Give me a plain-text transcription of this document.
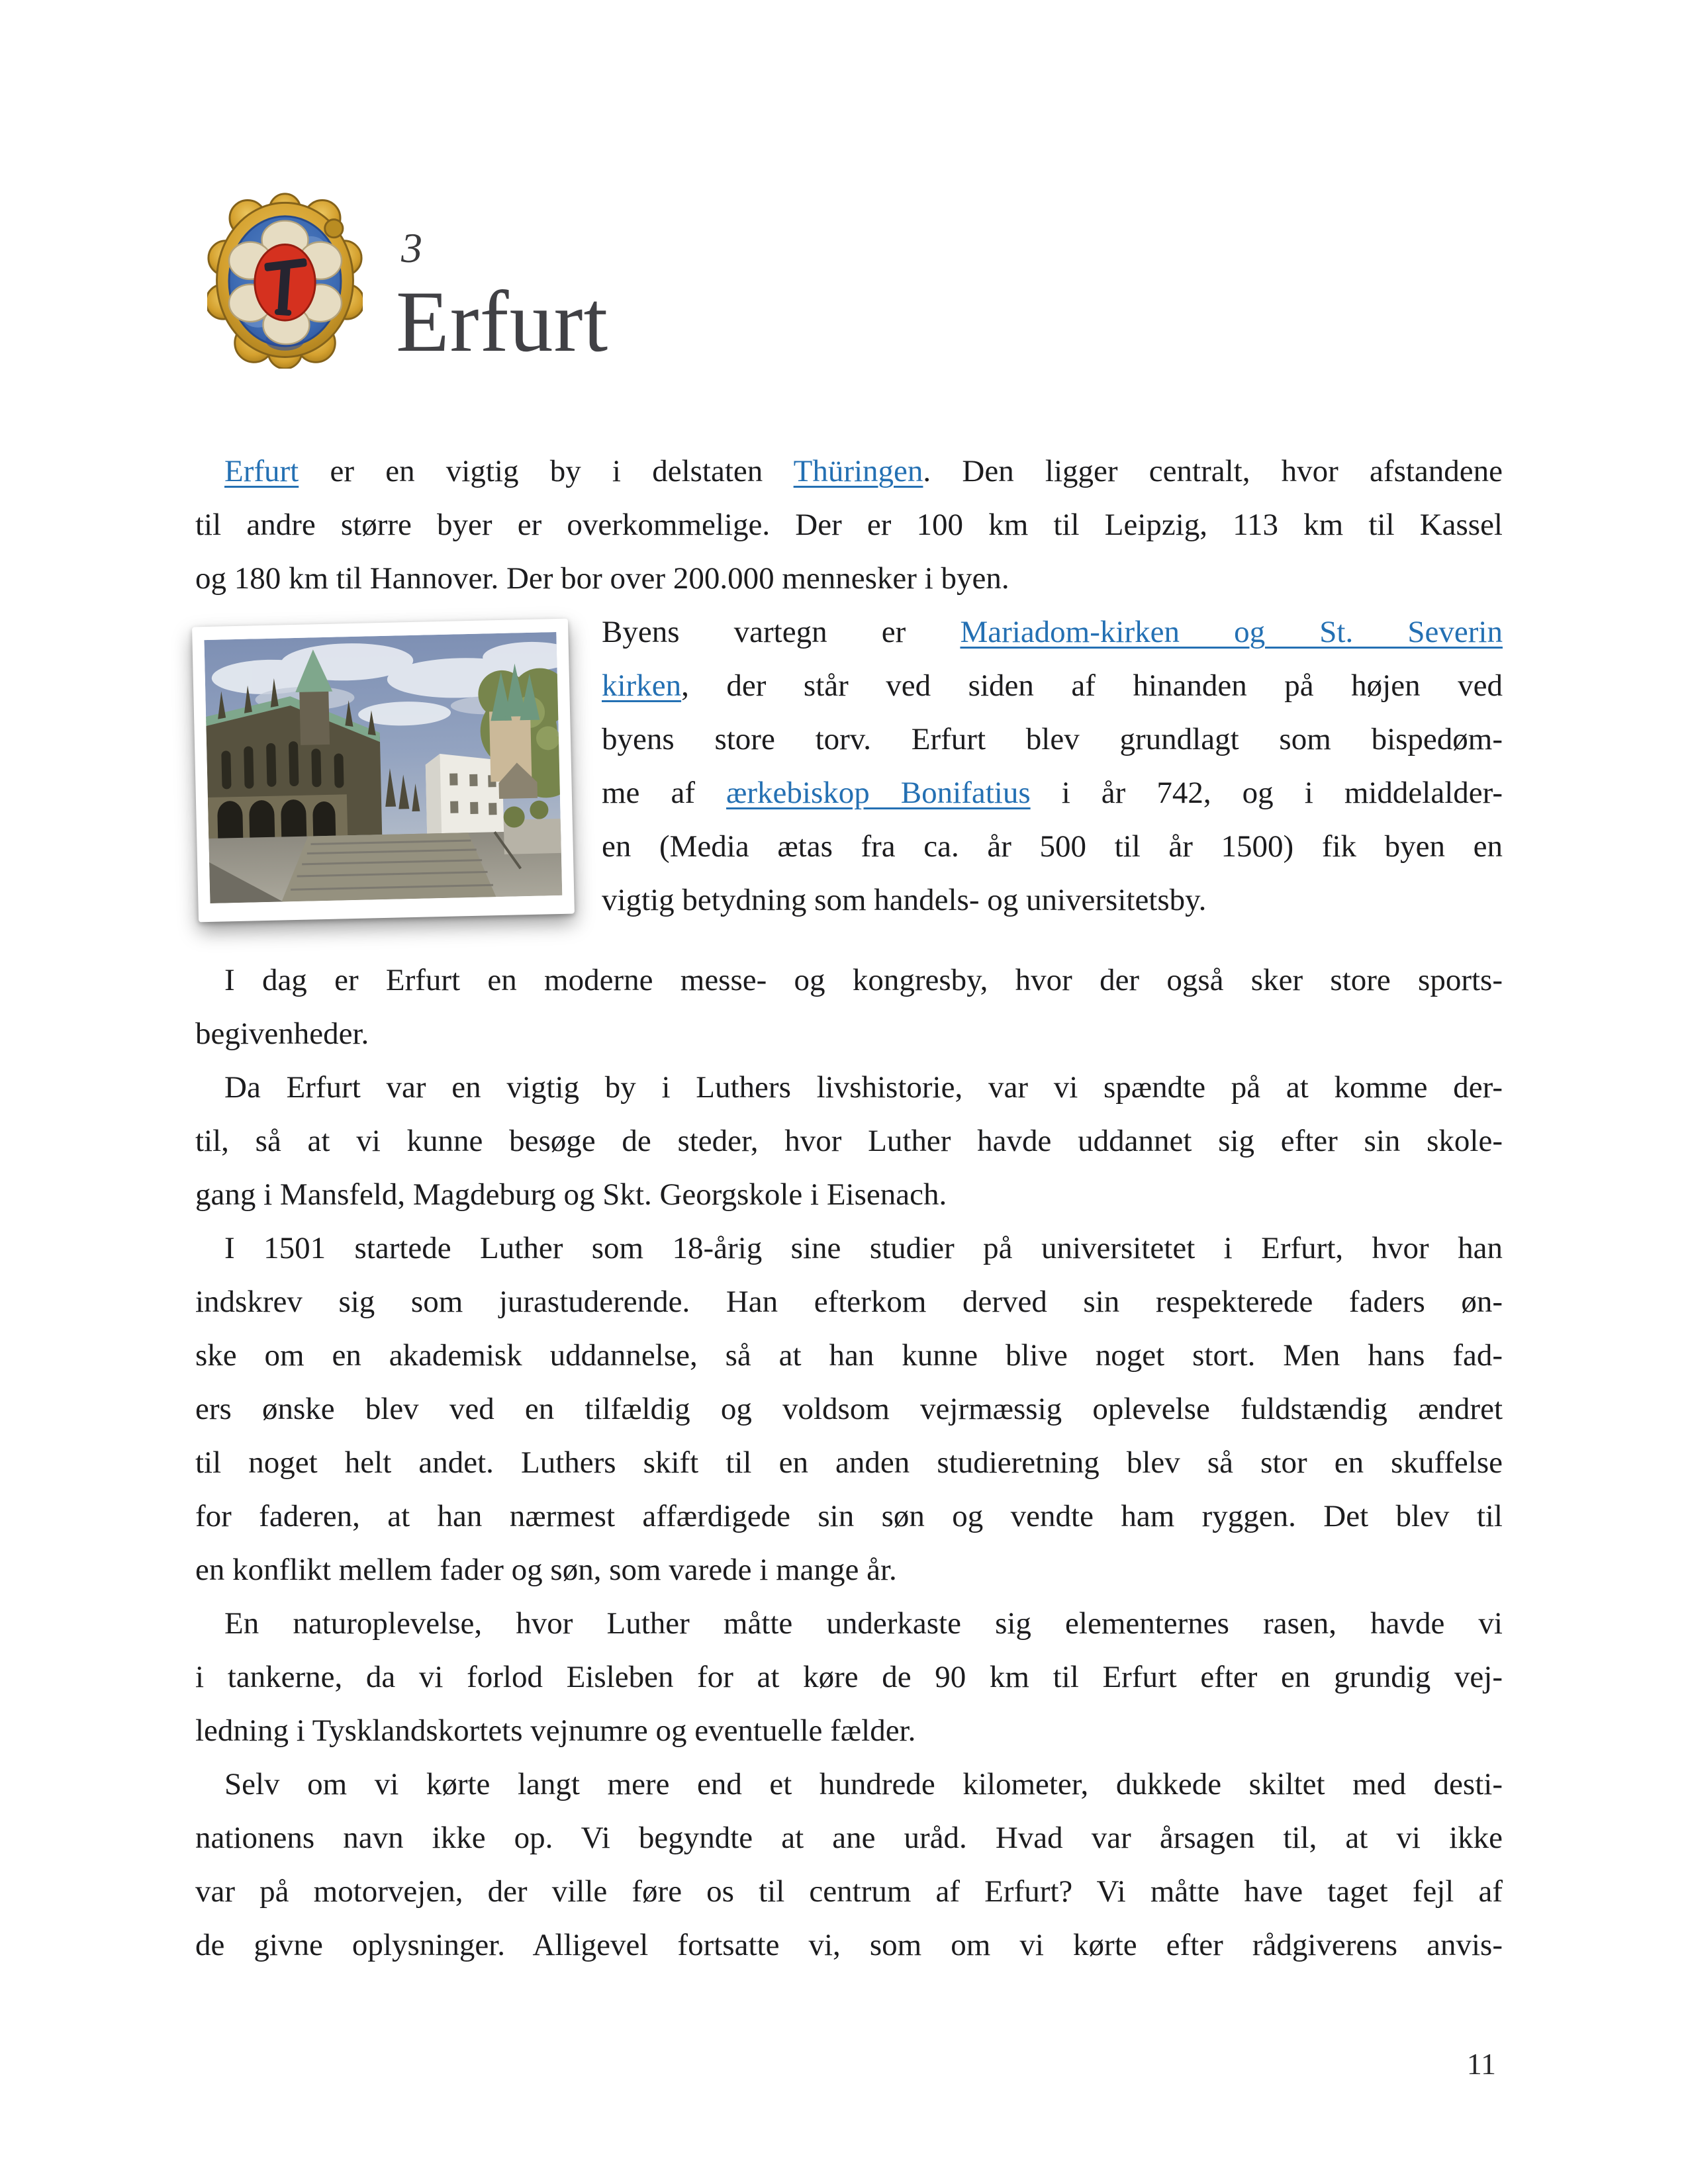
3
Erfurt
Erfurt er en vigtig by i delstaten Thüringen. Den ligger centralt, hvor afstandene
til andre større byer er overkommelige. Der er 100 km til Leipzig, 113 km til Kassel
og 180 km til Hannover. Der bor over 200.000 mennesker i byen.
Byens vartegn er Mariadom-kirken og St. Severin
kirken, der står ved siden af hinanden på højen ved
byens store torv. Erfurt blev grundlagt som bispedøm-
me af ærkebiskop Bonifatius i år 742, og i middelalder-
en (Media ætas fra ca. år 500 til år 1500) fik byen en
vigtig betydning som handels- og universitetsby.
I dag er Erfurt en moderne messe- og kongresby, hvor der også sker store sports-
begivenheder.
Da Erfurt var en vigtig by i Luthers livshistorie, var vi spændte på at komme der-
til, så at vi kunne besøge de steder, hvor Luther havde uddannet sig efter sin skole-
gang i Mansfeld, Magdeburg og Skt. Georgskole i Eisenach.
I 1501 startede Luther som 18-årig sine studier på universitetet i Erfurt, hvor han
indskrev sig som jurastuderende. Han efterkom derved sin respekterede faders øn-
ske om en akademisk uddannelse, så at han kunne blive noget stort. Men hans fad-
ers ønske blev ved en tilfældig og voldsom vejrmæssig oplevelse fuldstændig ændret
til noget helt andet. Luthers skift til en anden studieretning blev så stor en skuffelse
for faderen, at han nærmest affærdigede sin søn og vendte ham ryggen. Det blev til
en konflikt mellem fader og søn, som varede i mange år.
En naturoplevelse, hvor Luther måtte underkaste sig elementernes rasen, havde vi
i tankerne, da vi forlod Eisleben for at køre de 90 km til Erfurt efter en grundig vej-
ledning i Tysklandskortets vejnumre og eventuelle fælder.
Selv om vi kørte langt mere end et hundrede kilometer, dukkede skiltet med desti-
nationens navn ikke op. Vi begyndte at ane uråd. Hvad var årsagen til, at vi ikke
var på motorvejen, der ville føre os til centrum af Erfurt? Vi måtte have taget fejl af
de givne oplysninger. Alligevel fortsatte vi, som om vi kørte efter rådgiverens anvis-
11
